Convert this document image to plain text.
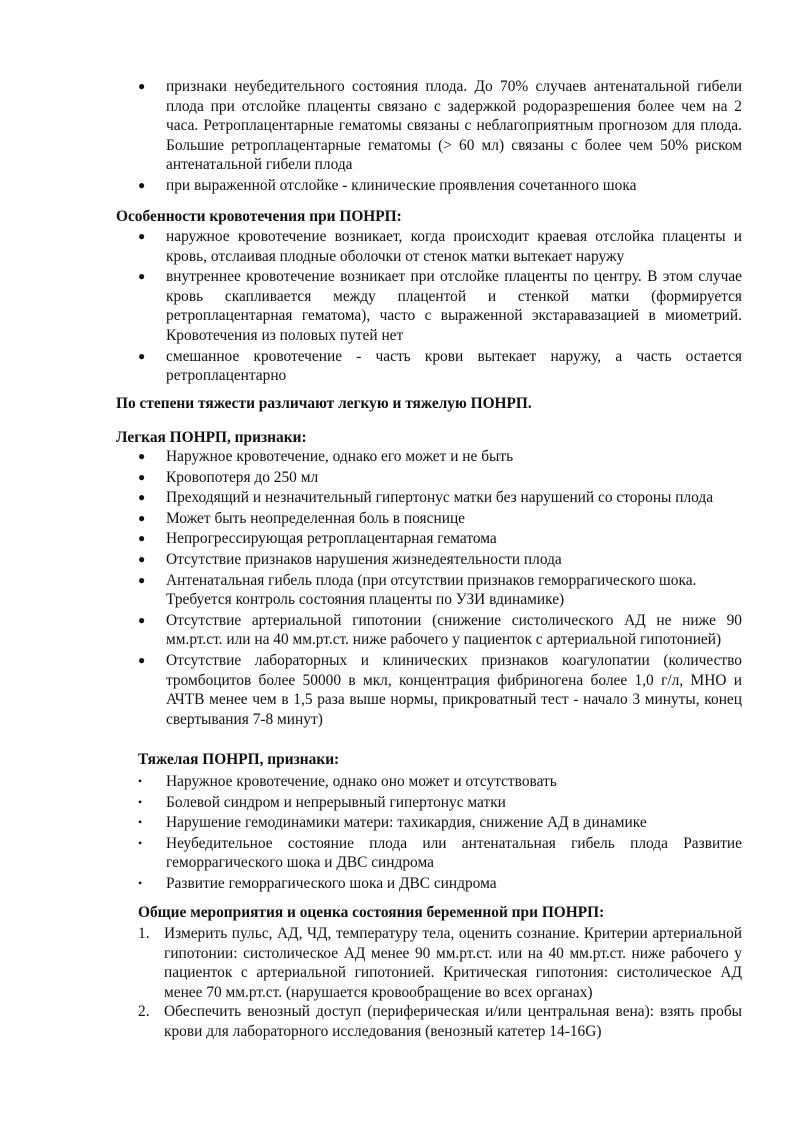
●	признаки неубедительного состояния плода. До 70% случаев антенатальной гибели плода при отслойке плаценты связано с задержкой родоразрешения более чем на 2 часа. Ретроплацентарные гематомы связаны с неблагоприятным прогнозом для плода. Большие ретроплацентарные гематомы (> 60 мл) связаны с более чем 50% риском антенатальной гибели плода
●	при выраженной отслойке - клинические проявления сочетанного шока
Особенности кровотечения при ПОНРП:
●	наружное кровотечение возникает, когда происходит краевая отслойка плаценты и кровь, отслаивая плодные оболочки от стенок матки вытекает наружу
●	внутреннее кровотечение возникает при отслойке плаценты по центру. В этом случае кровь скапливается между плацентой и стенкой матки (формируется ретроплацентарная гематома), часто с выраженной экстаравазацией в миометрий. Кровотечения из половых путей нет
●	смешанное кровотечение - часть крови вытекает наружу, а часть остается ретроплацентарно
По степени тяжести различают легкую и тяжелую ПОНРП.
Легкая ПОНРП, признаки:
●	Наружное кровотечение, однако его может и не быть
●	Кровопотеря до 250 мл
●	Преходящий и незначительный гипертонус матки без нарушений со стороны плода
●	Может быть неопределенная боль в пояснице
●	Непрогрессирующая ретроплацентарная гематома
●	Отсутствие признаков нарушения жизнедеятельности плода
●	Антенатальная гибель плода (при отсутствии признаков геморрагического шока. Требуется контроль состояния плаценты по УЗИ вдинамике)
●	Отсутствие артериальной гипотонии (снижение систолического АД не ниже 90 мм.рт.ст. или на 40 мм.рт.ст. ниже рабочего у пациенток с артериальной гипотонией)
●	Отсутствие лабораторных и клинических признаков коагулопатии (количество тромбоцитов более 50000 в мкл, концентрация фибриногена более 1,0 г/л, МНО и АЧТВ менее чем в 1,5 раза выше нормы, прикроватный тест - начало 3 минуты, конец свертывания 7-8 минут)
Тяжелая ПОНРП, признаки:
•	Наружное кровотечение, однако оно может и отсутствовать
•	Болевой синдром и непрерывный гипертонус матки
•	Нарушение гемодинамики матери: тахикардия, снижение АД в динамике
•	Неубедительное состояние плода или антенатальная гибель плода Развитие геморрагического шока и ДВС синдрома
•	Развитие геморрагического шока и ДВС синдрома
Общие мероприятия и оценка состояния беременной при ПОНРП:
1. Измерить пульс, АД, ЧД, температуру тела, оценить сознание. Критерии артериальной гипотонии: систолическое АД менее 90 мм.рт.ст. или на 40 мм.рт.ст. ниже рабочего у пациенток с артериальной гипотонией. Критическая гипотония: систолическое АД менее 70 мм.рт.ст. (нарушается кровообращение во всех органах)
2. Обеспечить венозный доступ (периферическая и/или центральная вена): взять пробы крови для лабораторного исследования (венозный катетер 14-16G)
